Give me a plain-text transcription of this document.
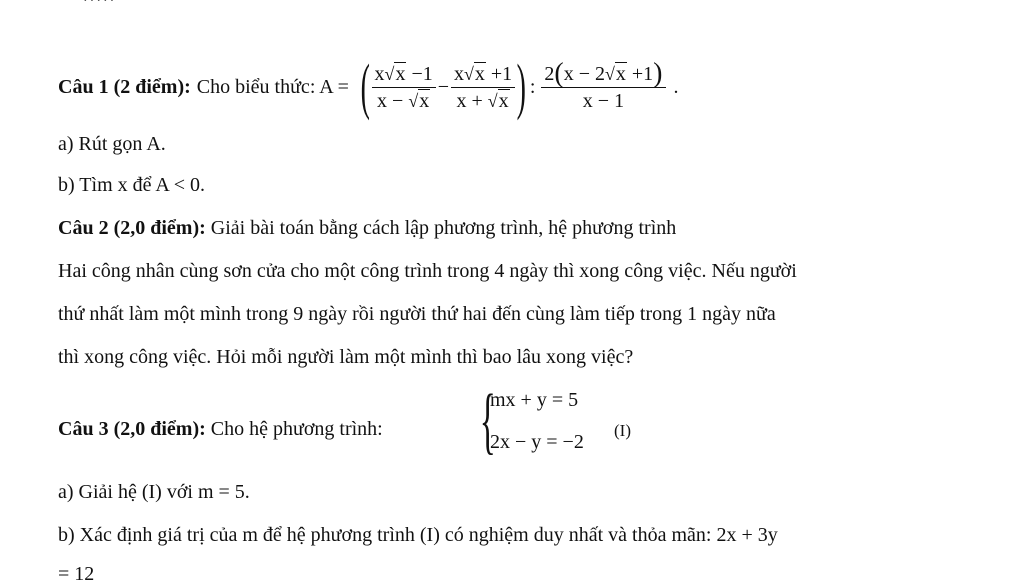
·····
Câu 1 (2 điểm): Cho biểu thức: A = ( $\frac{x√x -1}{x - √x} - \frac{x√x +1}{x + √x}$ ) : $\frac{2(x - 2√x +1)}{x - 1}$ .
a) Rút gọn A.
b) Tìm x để A < 0.
Câu 2 (2,0 điểm): Giải bài toán bằng cách lập phương trình, hệ phương trình
Hai công nhân cùng sơn cửa cho một công trình trong 4 ngày thì xong công việc. Nếu người
thứ nhất làm một mình trong 9 ngày rồi người thứ hai đến cùng làm tiếp trong 1 ngày nữa
thì xong công việc. Hỏi mỗi người làm một mình thì bao lâu xong việc?
Câu 3 (2,0 điểm): Cho hệ phương trình: {
mx + y = 5
2x − y = −2
(I)
a) Giải hệ (I) với m = 5.
b) Xác định giá trị của m để hệ phương trình (I) có nghiệm duy nhất và thỏa mãn: 2x + 3y
= 12
